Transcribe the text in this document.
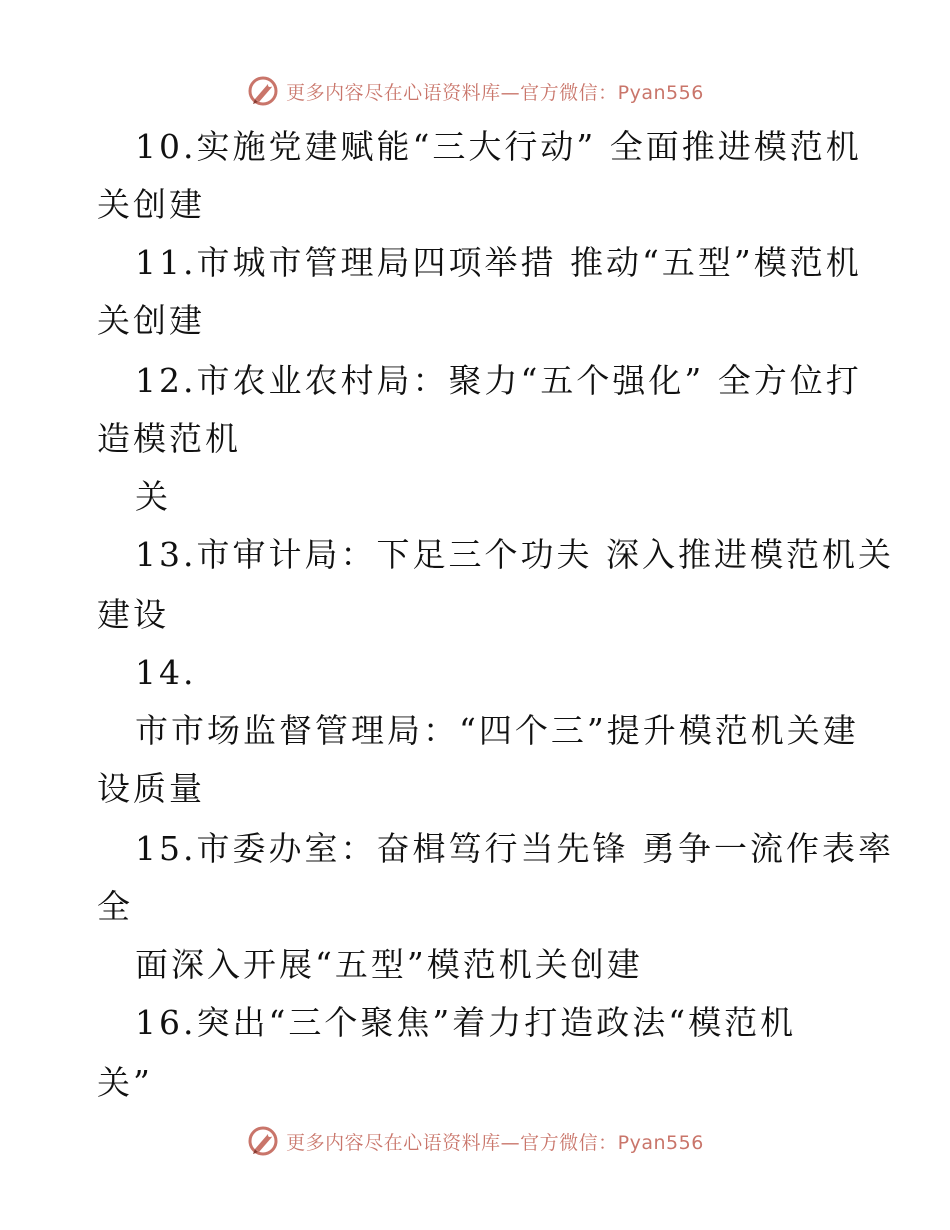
更多内容尽在心语资料库—官方微信：Pyan556
10.实施党建赋能“三大行动” 全面推进模范机
关创建
11.市城市管理局四项举措 推动“五型”模范机
关创建
12.市农业农村局：聚力“五个强化” 全方位打
造模范机
关
13.市审计局：下足三个功夫 深入推进模范机关
建设
14.
市市场监督管理局：“四个三”提升模范机关建
设质量
15.市委办室：奋楫笃行当先锋 勇争一流作表率
全
面深入开展“五型”模范机关创建
16.突出“三个聚焦”着力打造政法“模范机
关”
更多内容尽在心语资料库—官方微信：Pyan556
